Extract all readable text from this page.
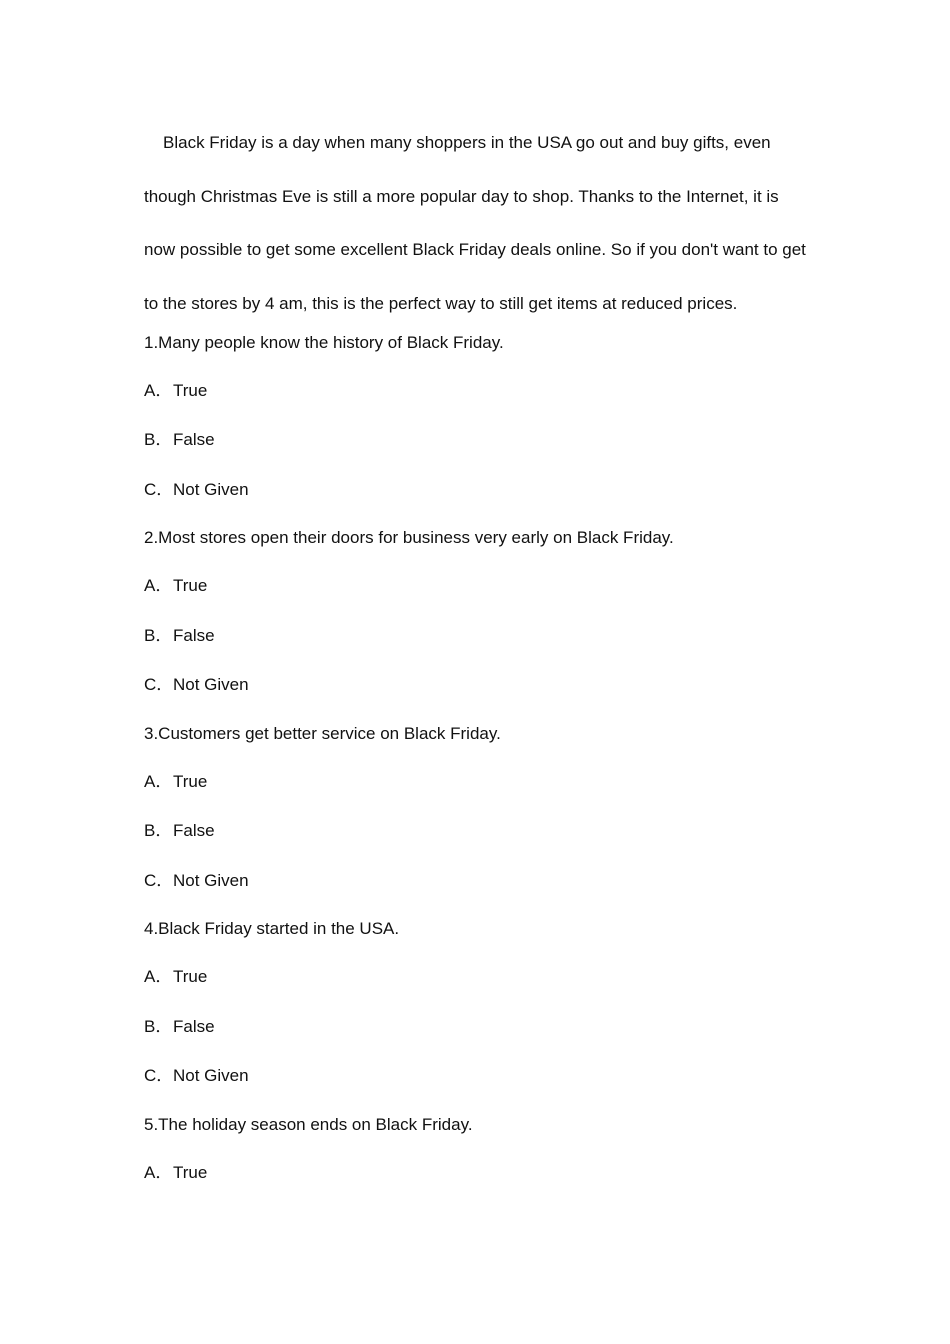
Black Friday is a day when many shoppers in the USA go out and buy gifts, even though Christmas Eve is still a more popular day to shop. Thanks to the Internet, it is now possible to get some excellent Black Friday deals online. So if you don't want to get to the stores by 4 am, this is the perfect way to still get items at reduced prices.

1.Many people know the history of Black Friday.
A．True
B．False
C．Not Given
2.Most stores open their doors for business very early on Black Friday.
A．True
B．False
C．Not Given
3.Customers get better service on Black Friday.
A．True
B．False
C．Not Given
4.Black Friday started in the USA.
A．True
B．False
C．Not Given
5.The holiday season ends on Black Friday.
A．True
